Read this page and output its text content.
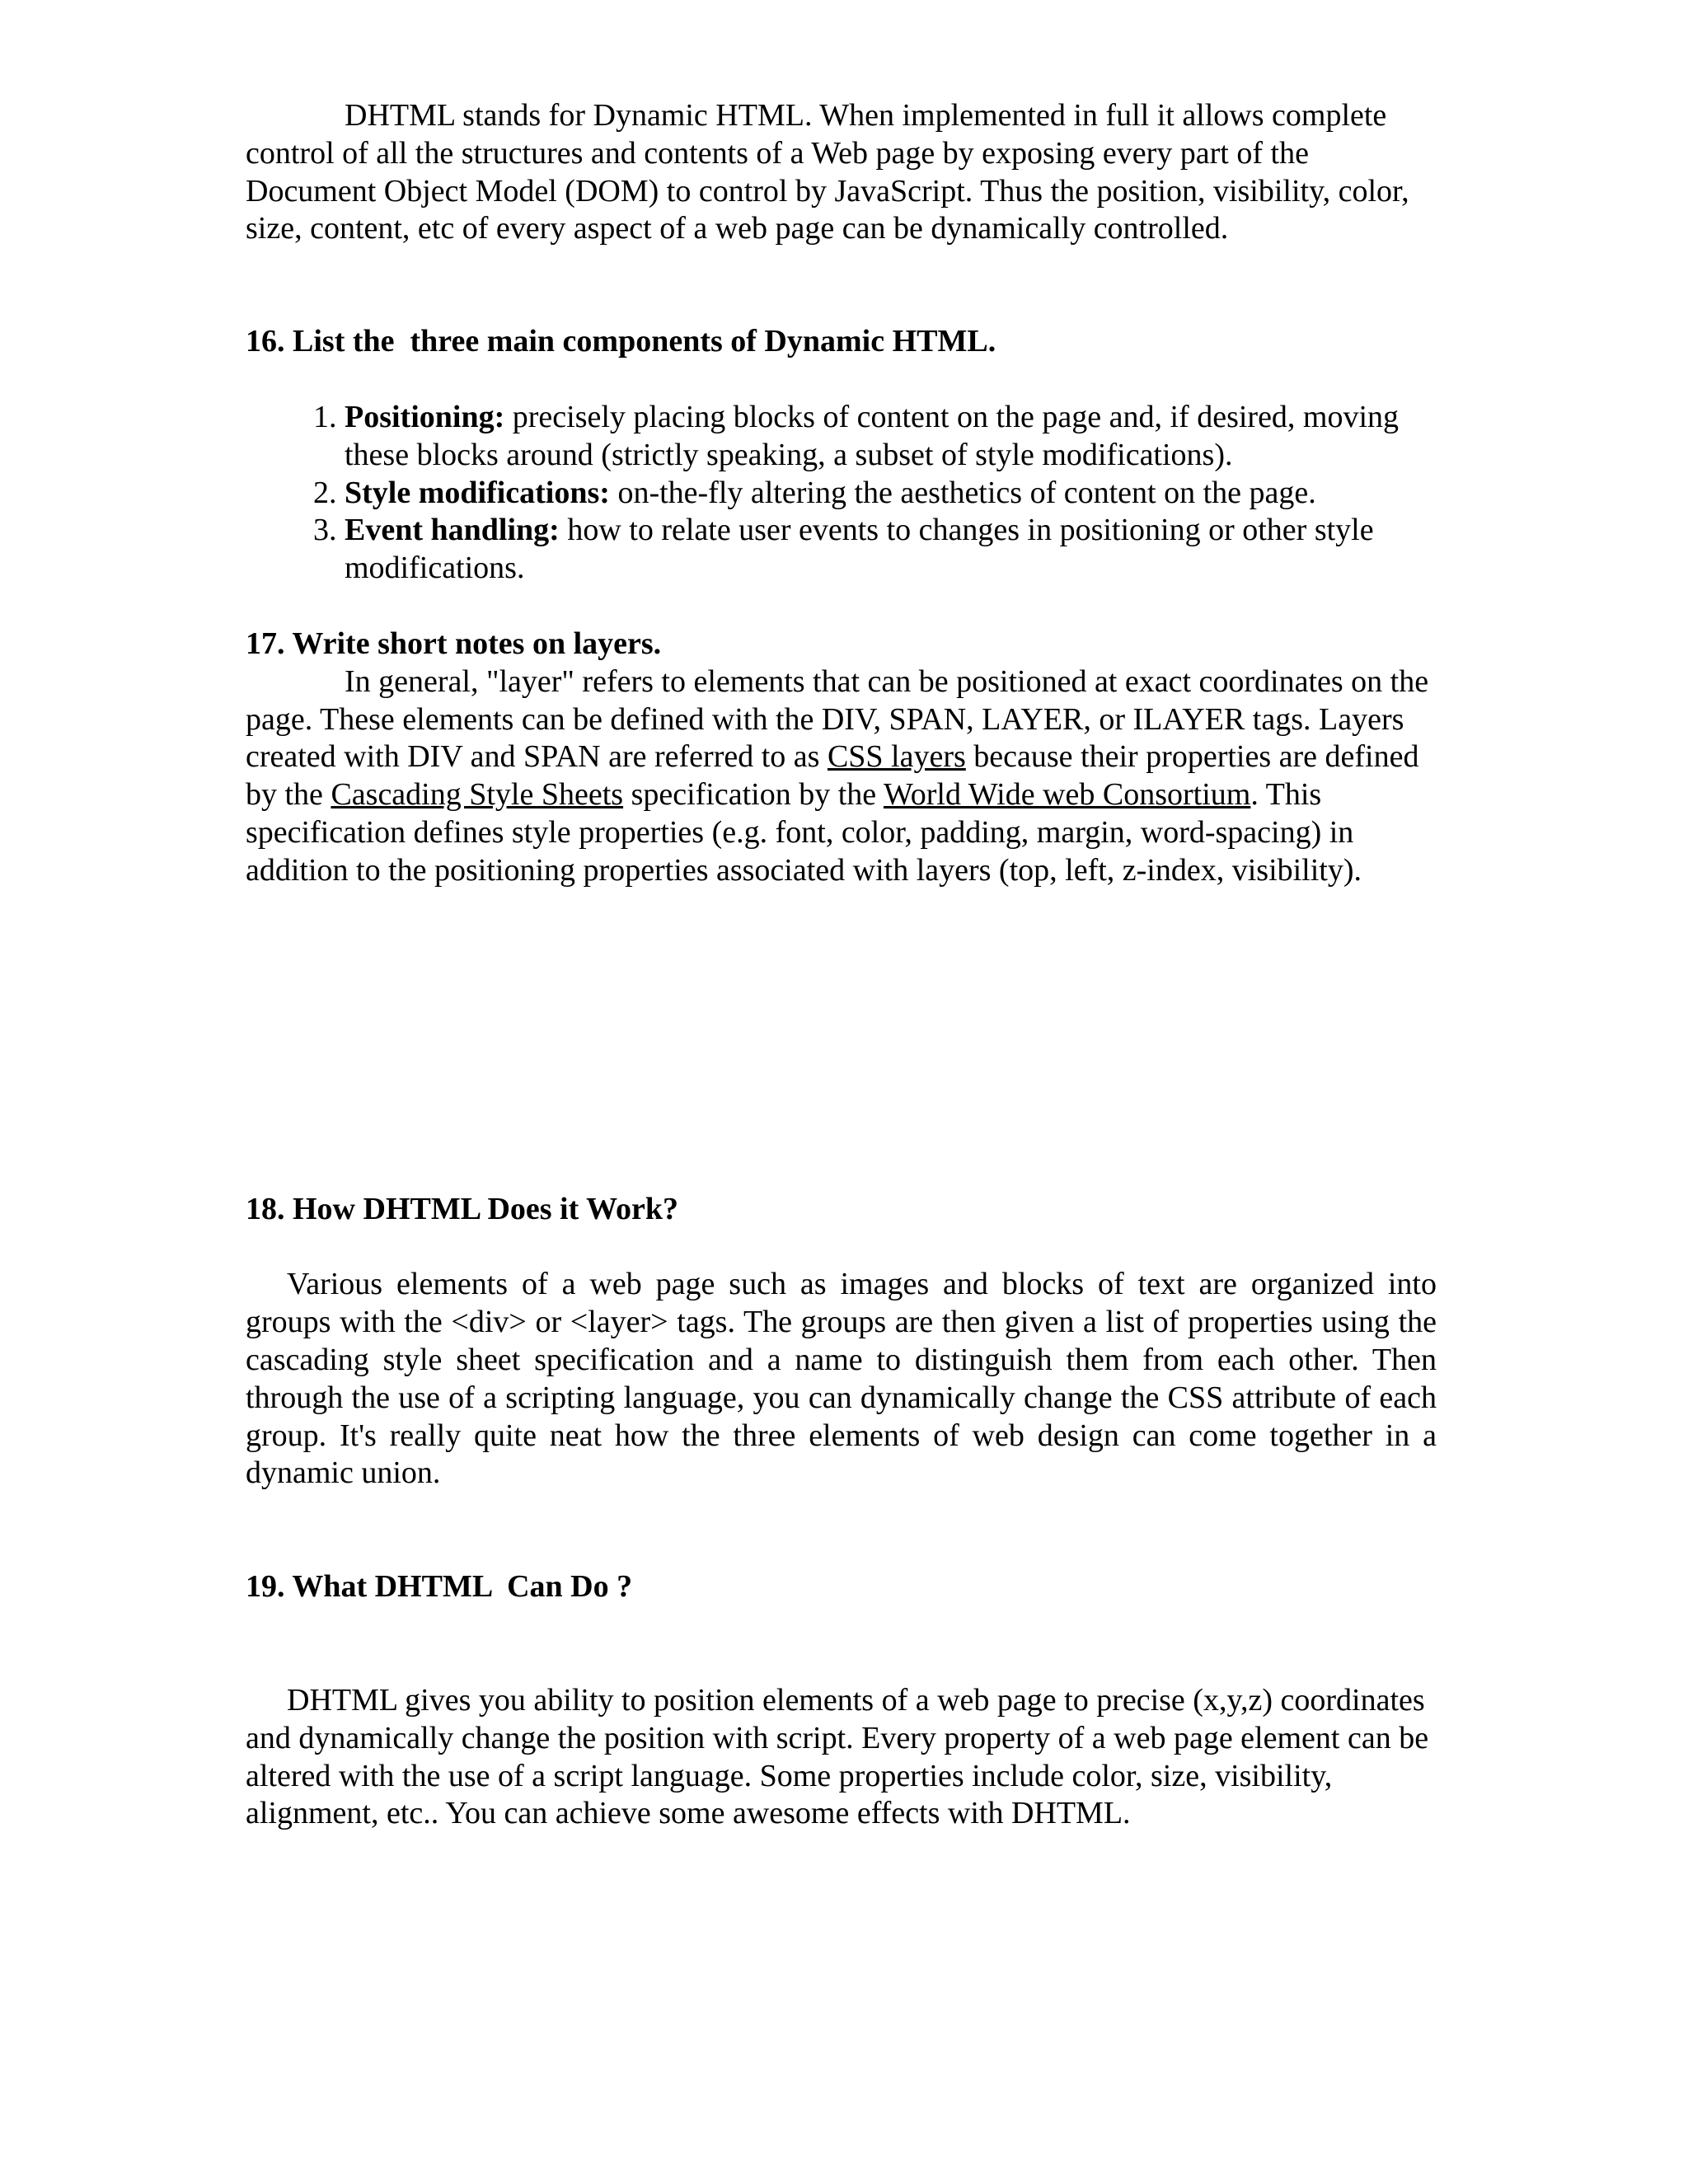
DHTML stands for Dynamic HTML. When implemented in full it allows complete control of all the structures and contents of a Web page by exposing every part of the Document Object Model (DOM) to control by JavaScript. Thus the position, visibility, color, size, content, etc of every aspect of a web page can be dynamically controlled.

16. List the  three main components of Dynamic HTML.
1. Positioning: precisely placing blocks of content on the page and, if desired, moving these blocks around (strictly speaking, a subset of style modifications).
2. Style modifications: on-the-fly altering the aesthetics of content on the page.
3. Event handling: how to relate user events to changes in positioning or other style modifications.
17. Write short notes on layers.

In general, "layer" refers to elements that can be positioned at exact coordinates on the page. These elements can be defined with the DIV, SPAN, LAYER, or ILAYER tags. Layers created with DIV and SPAN are referred to as CSS layers because their properties are defined by the Cascading Style Sheets specification by the World Wide web Consortium. This specification defines style properties (e.g. font, color, padding, margin, word-spacing) in addition to the positioning properties associated with layers (top, left, z-index, visibility).

18. How DHTML Does it Work?

Various elements of a web page such as images and blocks of text are organized into groups with the <div> or <layer> tags. The groups are then given a list of properties using the cascading style sheet specification and a name to distinguish them from each other. Then through the use of a scripting language, you can dynamically change the CSS attribute of each group. It's really quite neat how the three elements of web design can come together in a dynamic union.

19. What DHTML  Can Do ?

DHTML gives you ability to position elements of a web page to precise (x,y,z) coordinates and dynamically change the position with script. Every property of a web page element can be altered with the use of a script language. Some properties include color, size, visibility, alignment, etc.. You can achieve some awesome effects with DHTML.
